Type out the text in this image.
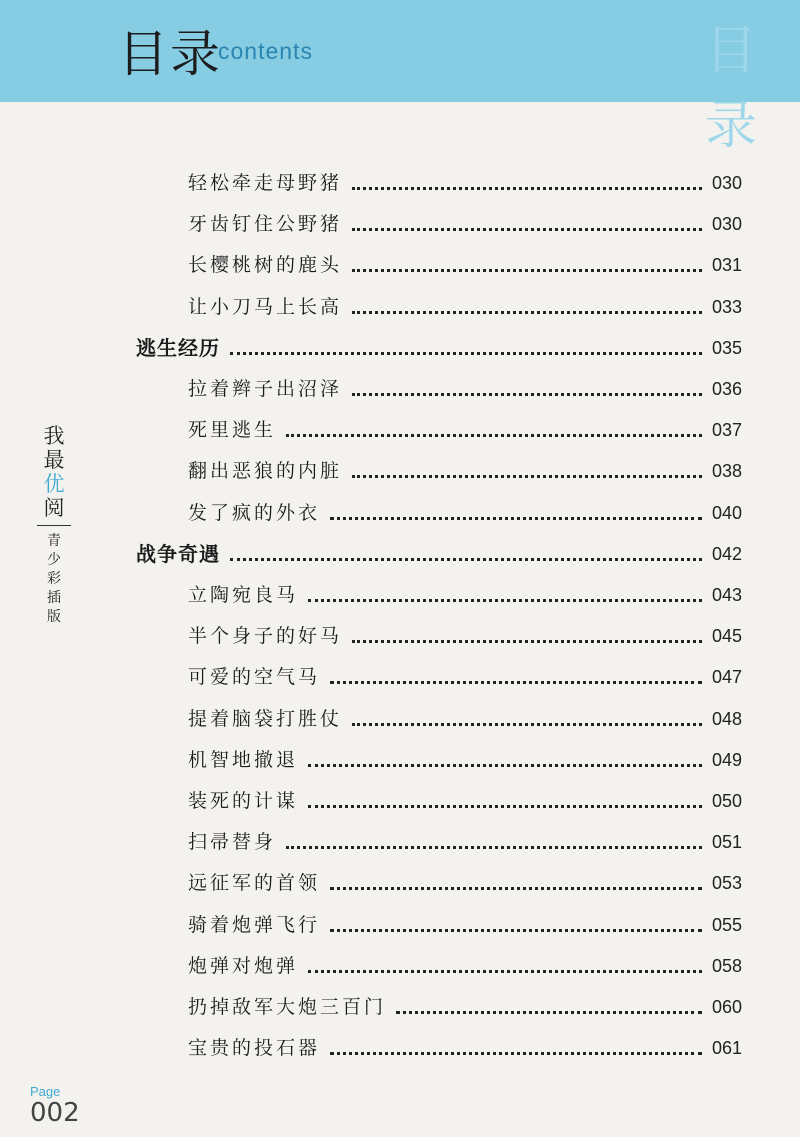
目录
contents	目录
我
最
优
阅
青
少
彩
插
版
轻松牵走母野猪	030
牙齿钉住公野猪	030
长樱桃树的鹿头	031
让小刀马上长高	033
逃生经历	035
拉着辫子出沼泽	036
死里逃生	037
翻出恶狼的内脏	038
发了疯的外衣	040
战争奇遇	042
立陶宛良马	043
半个身子的好马	045
可爱的空气马	047
提着脑袋打胜仗	048
机智地撤退	049
装死的计谋	050
扫帚替身	051
远征军的首领	053
骑着炮弹飞行	055
炮弹对炮弹	058
扔掉敌军大炮三百门	060
宝贵的投石器	061
Page
002
